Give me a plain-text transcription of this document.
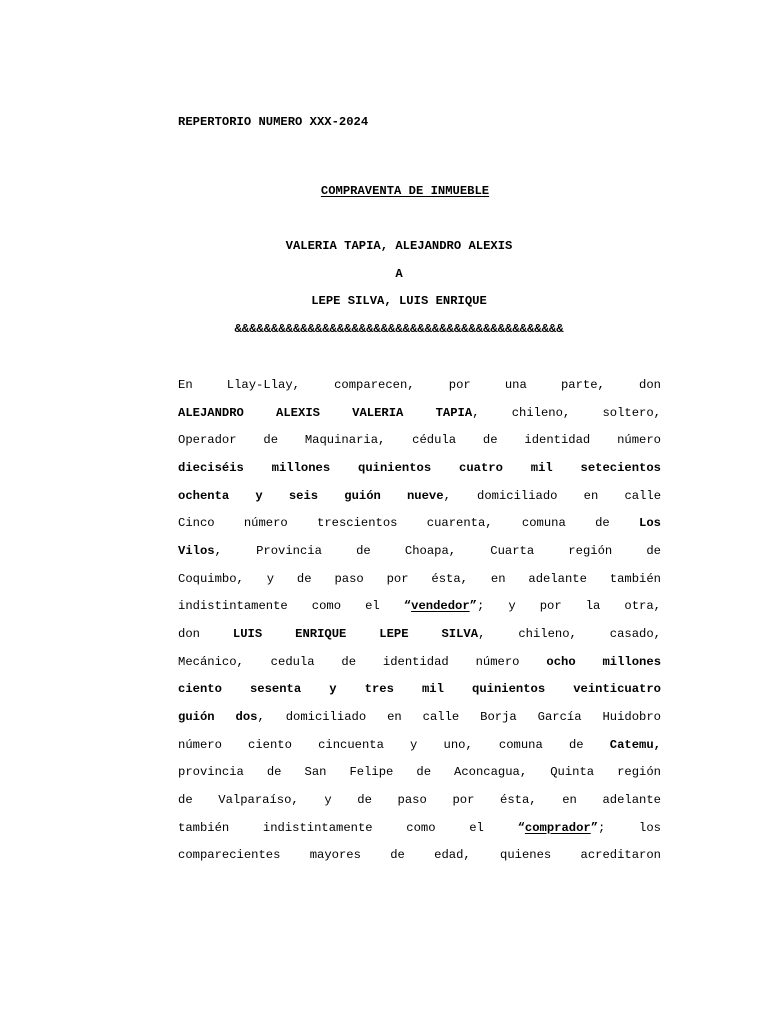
REPERTORIO NUMERO XXX-2024
COMPRAVENTA DE INMUEBLE
VALERIA TAPIA, ALEJANDRO ALEXIS
A
LEPE SILVA, LUIS ENRIQUE
&&&&&&&&&&&&&&&&&&&&&&&&&&&&&&&&&&&&&&&&&&&&&
En Llay-Llay, comparecen, por una parte, don
ALEJANDRO ALEXIS VALERIA TAPIA, chileno, soltero,
Operador de Maquinaria, cédula de identidad número
dieciséis millones quinientos cuatro mil setecientos
ochenta y seis guión nueve, domiciliado en calle
Cinco número trescientos cuarenta, comuna de Los
Vilos, Provincia de Choapa, Cuarta región de
Coquimbo, y de paso por ésta, en adelante también
indistintamente como el “vendedor”; y por la otra,
don	LUIS ENRIQUE LEPE SILVA, chileno, casado,
Mecánico, cedula de identidad número ocho millones
ciento sesenta y tres mil quinientos veinticuatro
guión dos, domiciliado en calle Borja García Huidobro
número ciento cincuenta y uno, comuna de Catemu,
provincia de San Felipe de Aconcagua, Quinta región
de Valparaíso, y de paso por ésta, en adelante
también indistintamente como el	“comprador”; los
comparecientes mayores de edad, quienes acreditaron
